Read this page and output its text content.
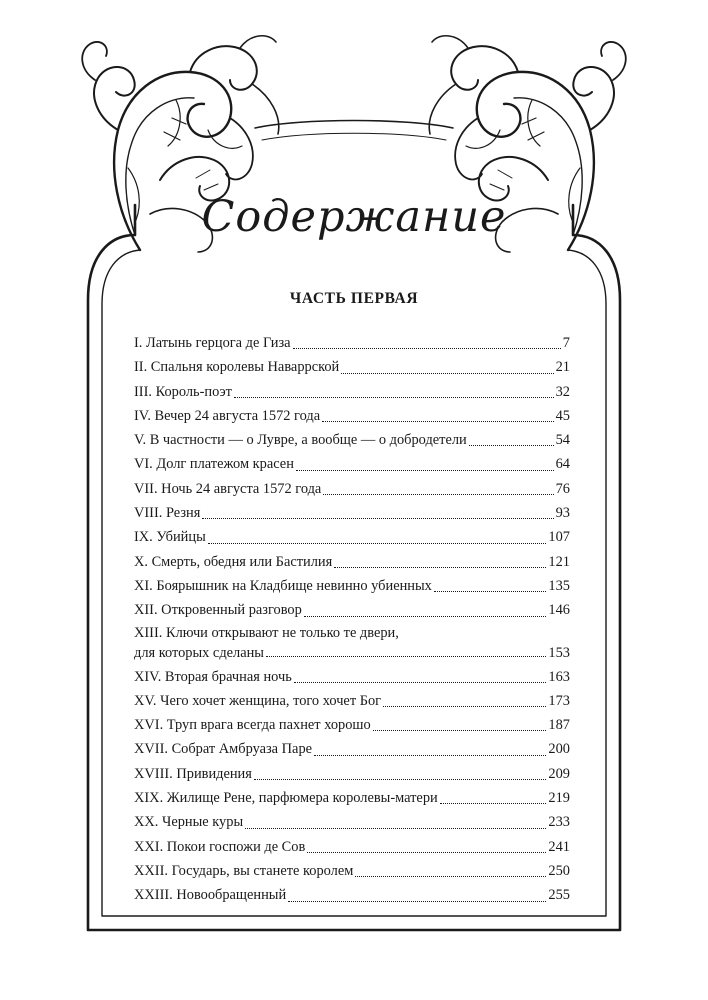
Содержание
ЧАСТЬ ПЕРВАЯ
I. Латынь герцога де Гиза	7
II. Спальня королевы Наваррской	21
III. Король-поэт	32
IV. Вечер 24 августа 1572 года	45
V. В частности — о Лувре, а вообще — о добродетели	54
VI. Долг платежом красен	64
VII. Ночь 24 августа 1572 года	76
VIII. Резня	93
IX. Убийцы	107
X. Смерть, обедня или Бастилия	121
XI. Боярышник на Кладбище невинно убиенных	135
XII. Откровенный разговор	146
XIII. Ключи открывают не только те двери,
для которых сделаны	153
XIV. Вторая брачная ночь	163
XV. Чего хочет женщина, того хочет Бог	173
XVI. Труп врага всегда пахнет хорошо	187
XVII. Собрат Амбруаза Паре	200
XVIII. Привидения	209
XIX. Жилище Рене, парфюмера королевы-матери	219
XX. Черные куры	233
XXI. Покои госпожи де Сов	241
XXII. Государь, вы станете королем	250
XXIII. Новообращенный	255
